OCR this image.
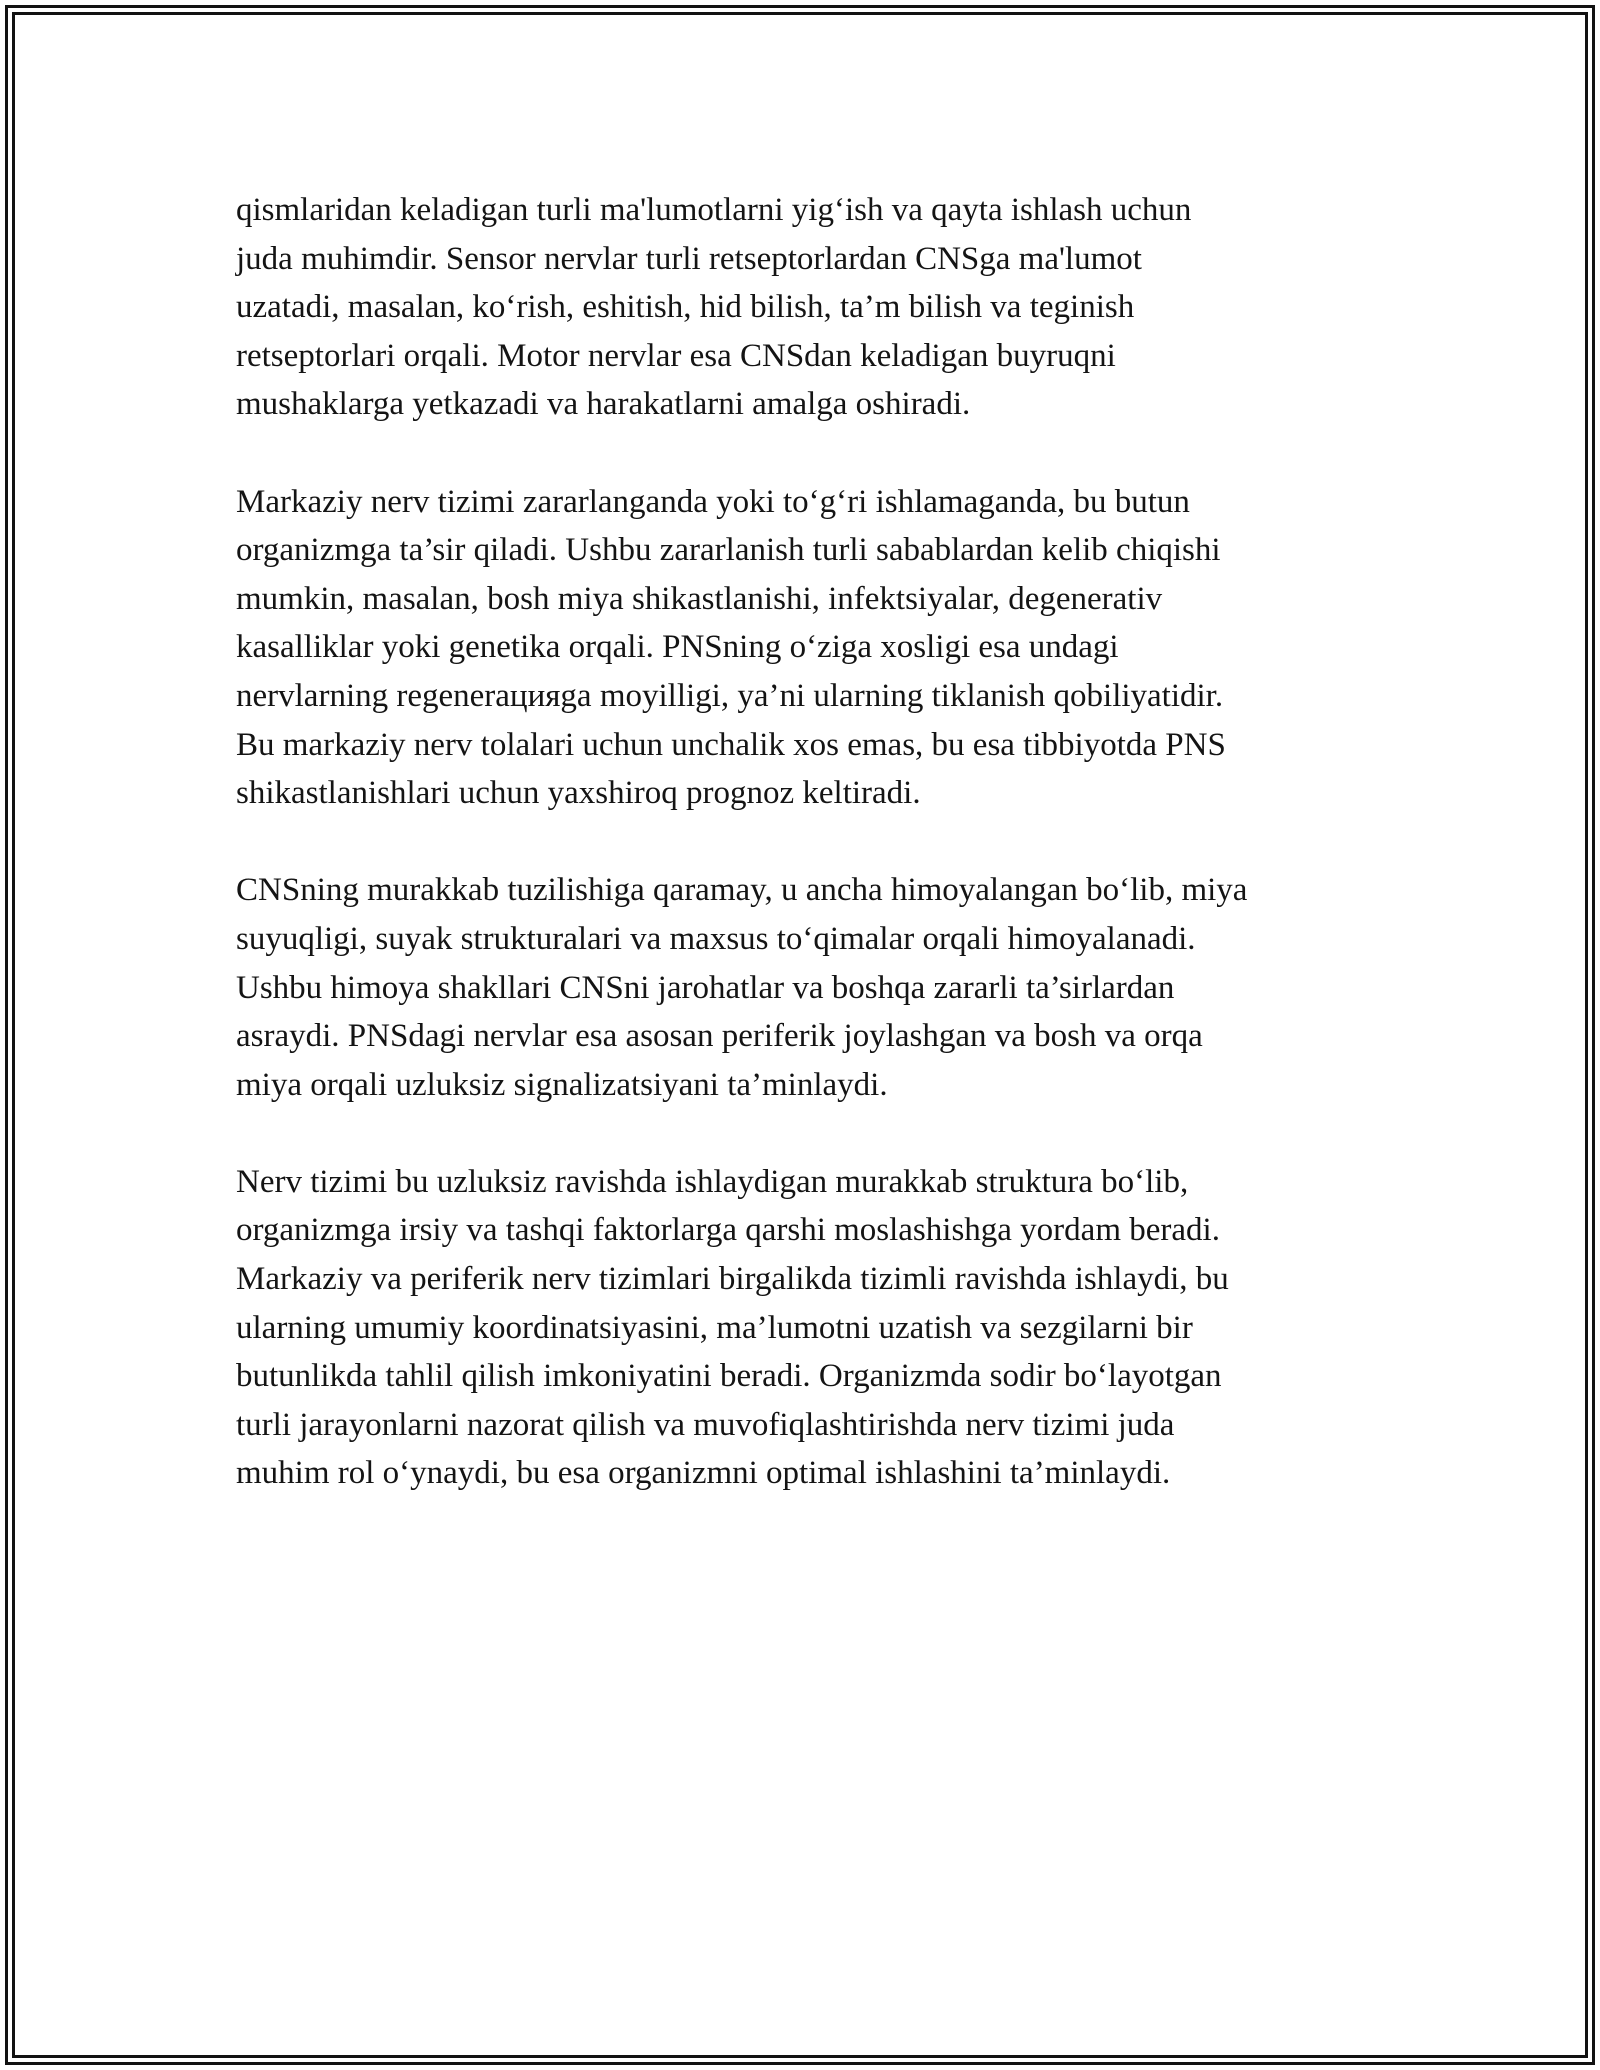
qismlaridan keladigan turli ma'lumotlarni yig‘ish va qayta ishlash uchun
juda muhimdir. Sensor nervlar turli retseptorlardan CNSga ma'lumot
uzatadi, masalan, ko‘rish, eshitish, hid bilish, ta’m bilish va teginish
retseptorlari orqali. Motor nervlar esa CNSdan keladigan buyruqni
mushaklarga yetkazadi va harakatlarni amalga oshiradi.

Markaziy nerv tizimi zararlanganda yoki to‘g‘ri ishlamaganda, bu butun
organizmga ta’sir qiladi. Ushbu zararlanish turli sabablardan kelib chiqishi
mumkin, masalan, bosh miya shikastlanishi, infektsiyalar, degenerativ
kasalliklar yoki genetika orqali. PNSning o‘ziga xosligi esa undagi
nervlarning regeneraцияga moyilligi, ya’ni ularning tiklanish qobiliyatidir.
Bu markaziy nerv tolalari uchun unchalik xos emas, bu esa tibbiyotda PNS
shikastlanishlari uchun yaxshiroq prognoz keltiradi.

CNSning murakkab tuzilishiga qaramay, u ancha himoyalangan bo‘lib, miya
suyuqligi, suyak strukturalari va maxsus to‘qimalar orqali himoyalanadi.
Ushbu himoya shakllari CNSni jarohatlar va boshqa zararli ta’sirlardan
asraydi. PNSdagi nervlar esa asosan periferik joylashgan va bosh va orqa
miya orqali uzluksiz signalizatsiyani ta’minlaydi.

Nerv tizimi bu uzluksiz ravishda ishlaydigan murakkab struktura bo‘lib,
organizmga irsiy va tashqi faktorlarga qarshi moslashishga yordam beradi.
Markaziy va periferik nerv tizimlari birgalikda tizimli ravishda ishlaydi, bu
ularning umumiy koordinatsiyasini, ma’lumotni uzatish va sezgilarni bir
butunlikda tahlil qilish imkoniyatini beradi. Organizmda sodir bo‘layotgan
turli jarayonlarni nazorat qilish va muvofiqlashtirishda nerv tizimi juda
muhim rol o‘ynaydi, bu esa organizmni optimal ishlashini ta’minlaydi.
